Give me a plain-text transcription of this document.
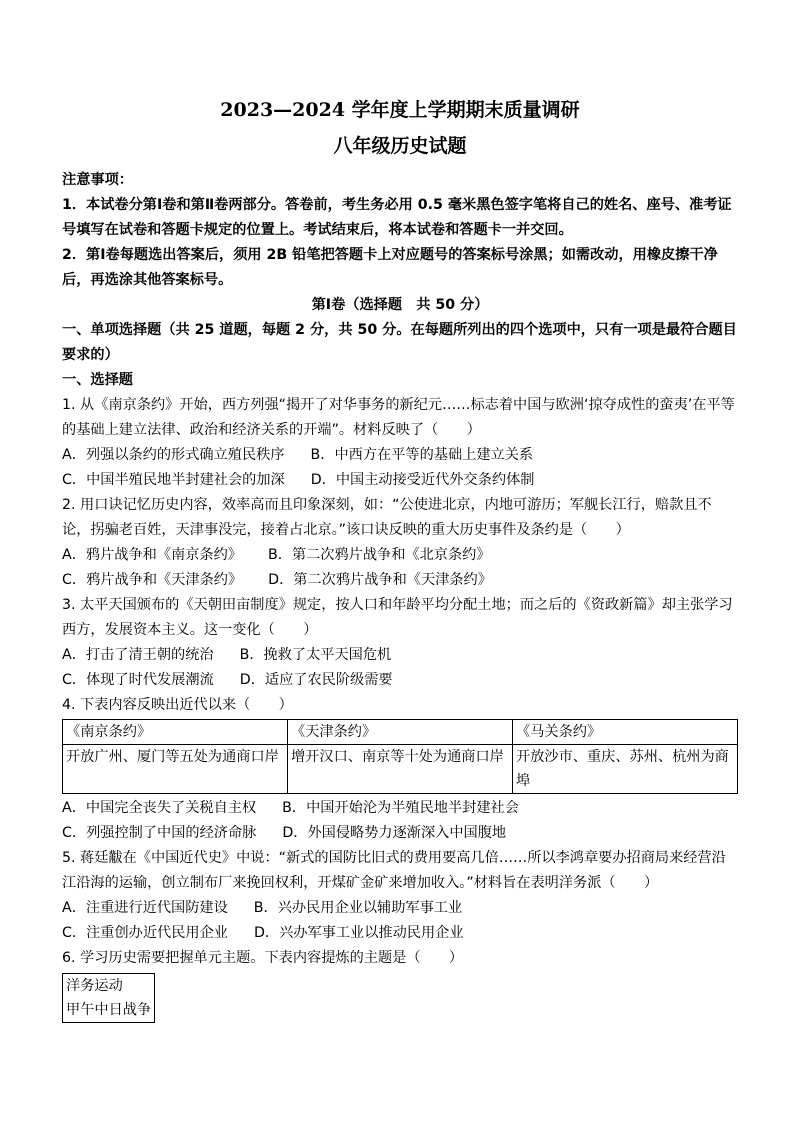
2023—2024 学年度上学期期末质量调研
八年级历史试题
注意事项：
1．本试卷分第Ⅰ卷和第Ⅱ卷两部分。答卷前，考生务必用 0.5 毫米黑色签字笔将自己的姓名、座号、准考证号填写在试卷和答题卡规定的位置上。考试结束后，将本试卷和答题卡一并交回。
2．第Ⅰ卷每题选出答案后，须用 2B 铅笔把答题卡上对应题号的答案标号涂黑；如需改动，用橡皮擦干净后，再选涂其他答案标号。
第Ⅰ卷（选择题　共 50 分）
一、单项选择题（共 25 道题，每题 2 分，共 50 分。在每题所列出的四个选项中，只有一项是最符合题目要求的）
一、选择题
1. 从《南京条约》开始，西方列强“揭开了对华事务的新纪元……标志着中国与欧洲‘掠夺成性的蛮夷’在平等的基础上建立法律、政治和经济关系的开端”。材料反映了（　　）
A．列强以条约的形式确立殖民秩序 B．中西方在平等的基础上建立关系
C．中国半殖民地半封建社会的加深 D．中国主动接受近代外交条约体制
2. 用口诀记忆历史内容，效率高而且印象深刻，如：“公使进北京，内地可游历；军舰长江行，赔款且不论，拐骗老百姓，天津事没完，接着占北京。”该口诀反映的重大历史事件及条约是（　　）
A．鸦片战争和《南京条约》 B．第二次鸦片战争和《北京条约》
C．鸦片战争和《天津条约》 D．第二次鸦片战争和《天津条约》
3. 太平天国颁布的《天朝田亩制度》规定，按人口和年龄平均分配土地；而之后的《资政新篇》却主张学习西方，发展资本主义。这一变化（　　）
A．打击了清王朝的统治 B．挽救了太平天国危机
C．体现了时代发展潮流 D．适应了农民阶级需要
4. 下表内容反映出近代以来（　　）
《南京条约》	《天津条约》	《马关条约》
开放广州、厦门等五处为通商口岸	增开汉口、南京等十处为通商口岸	开放沙市、重庆、苏州、杭州为商埠
A．中国完全丧失了关税自主权 B．中国开始沦为半殖民地半封建社会
C．列强控制了中国的经济命脉 D．外国侵略势力逐渐深入中国腹地
5. 蒋廷黻在《中国近代史》中说：“新式的国防比旧式的费用要高几倍……所以李鸿章要办招商局来经营沿江沿海的运输，创立制布厂来挽回权利，开煤矿金矿来增加收入。”材料旨在表明洋务派（　　）
A．注重进行近代国防建设 B．兴办民用企业以辅助军事工业
C．注重创办近代民用企业 D．兴办军事工业以推动民用企业
6. 学习历史需要把握单元主题。下表内容提炼的主题是（　　）
洋务运动
甲午中日战争
